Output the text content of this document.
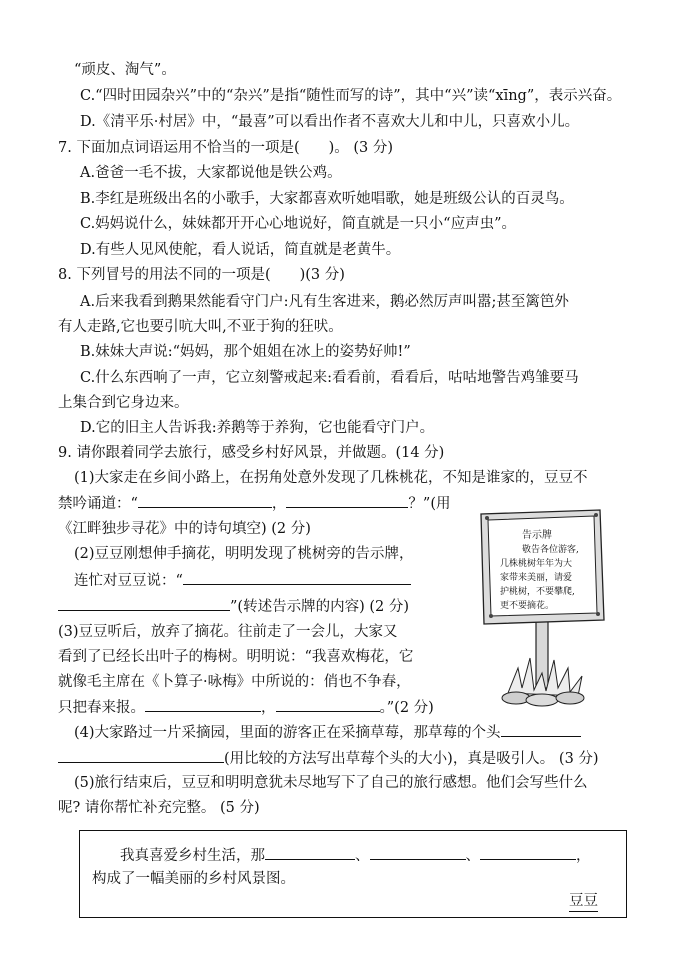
“顽皮、淘气”。
C.“四时田园杂兴”中的“杂兴”是指“随性而写的诗”，其中“兴”读“xīng”，表示兴奋。
D.《清平乐·村居》中，“最喜”可以看出作者不喜欢大儿和中儿，只喜欢小儿。
7. 下面加点词语运用不恰当的一项是(　　)。 (3 分)
A.爸爸一毛不拔，大家都说他是铁公鸡。
B.李红是班级出名的小歌手，大家都喜欢听她唱歌，她是班级公认的百灵鸟。
C.妈妈说什么，妹妹都开开心心地说好，简直就是一只小“应声虫”。
D.有些人见风使舵，看人说话，简直就是老黄牛。
8. 下列冒号的用法不同的一项是(　　)(3 分)
A.后来我看到鹅果然能看守门户:凡有生客进来，鹅必然厉声叫嚣;甚至篱笆外
有人走路,它也要引吭大叫,不亚于狗的狂吠。
B.妹妹大声说:“妈妈，那个姐姐在冰上的姿势好帅!”
C.什么东西响了一声，它立刻警戒起来:看看前，看看后，咕咕地警告鸡雏要马
上集合到它身边来。
D.它的旧主人告诉我:养鹅等于养狗，它也能看守门户。
9. 请你跟着同学去旅行，感受乡村好风景，并做题。(14 分)
(1)大家走在乡间小路上，在拐角处意外发现了几株桃花，不知是谁家的，豆豆不
禁吟诵道：“	，	？”(用
《江畔独步寻花》中的诗句填空) (2 分)
(2)豆豆刚想伸手摘花，明明发现了桃树旁的告示牌，
连忙对豆豆说：“
”(转述告示牌的内容) (2 分)
(3)豆豆听后，放弃了摘花。往前走了一会儿，大家又
看到了已经长出叶子的梅树。明明说：“我喜欢梅花，它
就像毛主席在《卜算子·咏梅》中所说的：俏也不争春，
只把春来报。	，	。”(2 分)
(4)大家路过一片采摘园，里面的游客正在采摘草莓，那草莓的个头
(用比较的方法写出草莓个头的大小)，真是吸引人。 (3 分)
(5)旅行结束后，豆豆和明明意犹未尽地写下了自己的旅行感想。他们会写些什么
呢? 请你帮忙补充完整。 (5 分)
告示牌
敬告各位游客,
几株桃树年年为大
家带来美丽，请爱
护桃树，不要攀爬,
更不要摘花。
我真喜爱乡村生活，那	、	、	，
构成了一幅美丽的乡村风景图。
豆豆
